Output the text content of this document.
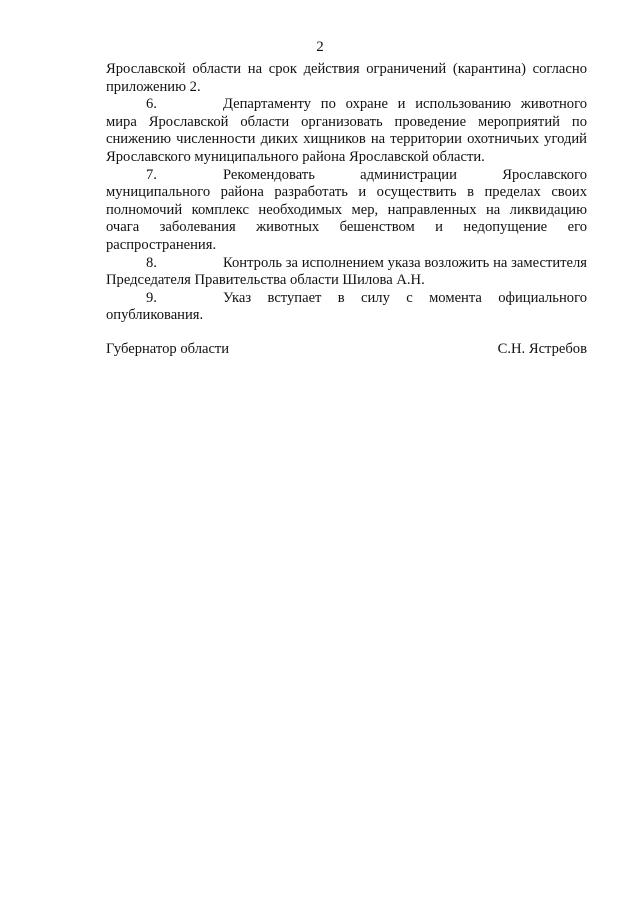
2

Ярославской области на срок действия ограничений (карантина) согласно приложению 2.

6.	Департаменту по охране и использованию животного мира Ярославской области организовать проведение мероприятий по снижению численности диких хищников на территории охотничьих угодий Ярославского муниципального района Ярославской области.

7.	Рекомендовать администрации Ярославского муниципального района разработать и осуществить в пределах своих полномочий комплекс необходимых мер, направленных на ликвидацию очага заболевания животных бешенством и недопущение его распространения.

8.	Контроль за исполнением указа возложить на заместителя Председателя Правительства области Шилова А.Н.

9.	Указ вступает в силу с момента официального опубликования.

Губернатор области	С.Н. Ястребов
